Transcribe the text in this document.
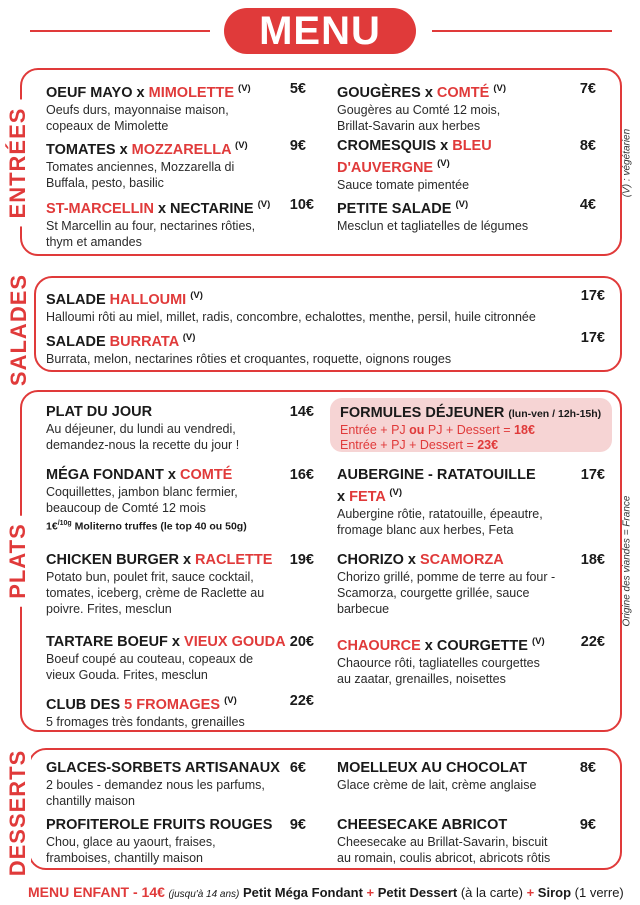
MENU
ENTRÉES	(V) : végétarien
OEUF MAYO x MIMOLETTE $^{(V)}$
Oeufs durs, mayonnaise maison,
copeaux de Mimolette
5€ GOUGÈRES x COMTÉ $^{(V)}$
Gougères au Comté 12 mois,
Brillat-Savarin aux herbes
7€
TOMATES x MOZZARELLA $^{(V)}$
Tomates anciennes, Mozzarella di
Buffala, pesto, basilic
9€ CROMESQUIS x BLEU
D'AUVERGNE $^{(V)}$
Sauce tomate pimentée
8€
ST-MARCELLIN x NECTARINE $^{(V)}$
St Marcellin au four, nectarines rôties,
thym et amandes
10€ PETITE SALADE $^{(V)}$
Mesclun et tagliatelles de légumes
4€
SALADES SALADE HALLOUMI $^{(V)}$
Halloumi rôti au miel, millet, radis, concombre, echalottes, menthe, persil, huile citronnée
17€
SALADE BURRATA $^{(V)}$
Burrata, melon, nectarines rôties et croquantes, roquette, oignons rouges
17€
PLATS	Origine des viandes = France
PLAT DU JOUR
Au déjeuner, du lundi au vendredi,
demandez-nous la recette du jour !
14€ FORMULES DÉJEUNER (lun-ven / 12h-15h)
Entrée + PJ ou PJ + Dessert = 18€
Entrée + PJ + Dessert = 23€
MÉGA FONDANT x COMTÉ
Coquillettes, jambon blanc fermier,
beaucoup de Comté 12 mois
1€$^{/10g}$ Moliterno truffes (le top 40 ou 50g)
16€ AUBERGINE - RATATOUILLE
x FETA $^{(V)}$
Aubergine rôtie, ratatouille, épeautre,
fromage blanc aux herbes, Feta
17€
CHICKEN BURGER x RACLETTE
Potato bun, poulet frit, sauce cocktail,
tomates, iceberg, crème de Raclette au
poivre. Frites, mesclun
19€ CHORIZO x SCAMORZA
Chorizo grillé, pomme de terre au four -
Scamorza, courgette grillée, sauce
barbecue
18€
TARTARE BOEUF x VIEUX GOUDA
Boeuf coupé au couteau, copeaux de
vieux Gouda. Frites, mesclun
20€ CHAOURCE x COURGETTE $^{(V)}$
Chaource rôti, tagliatelles courgettes
au zaatar, grenailles, noisettes
22€
CLUB DES 5 FROMAGES $^{(V)}$
5 fromages très fondants, grenailles
22€
DESSERTS GLACES-SORBETS ARTISANAUX
2 boules - demandez nous les parfums,
chantilly maison
6€ MOELLEUX AU CHOCOLAT
Glace crème de lait, crème anglaise
8€
PROFITEROLE FRUITS ROUGES
Chou, glace au yaourt, fraises,
framboises, chantilly maison
9€ CHEESECAKE ABRICOT
Cheesecake au Brillat-Savarin, biscuit
au romain, coulis abricot, abricots rôtis
9€
MENU ENFANT - 14€ (jusqu'à 14 ans) Petit Méga Fondant + Petit Dessert (à la carte) + Sirop (1 verre)
